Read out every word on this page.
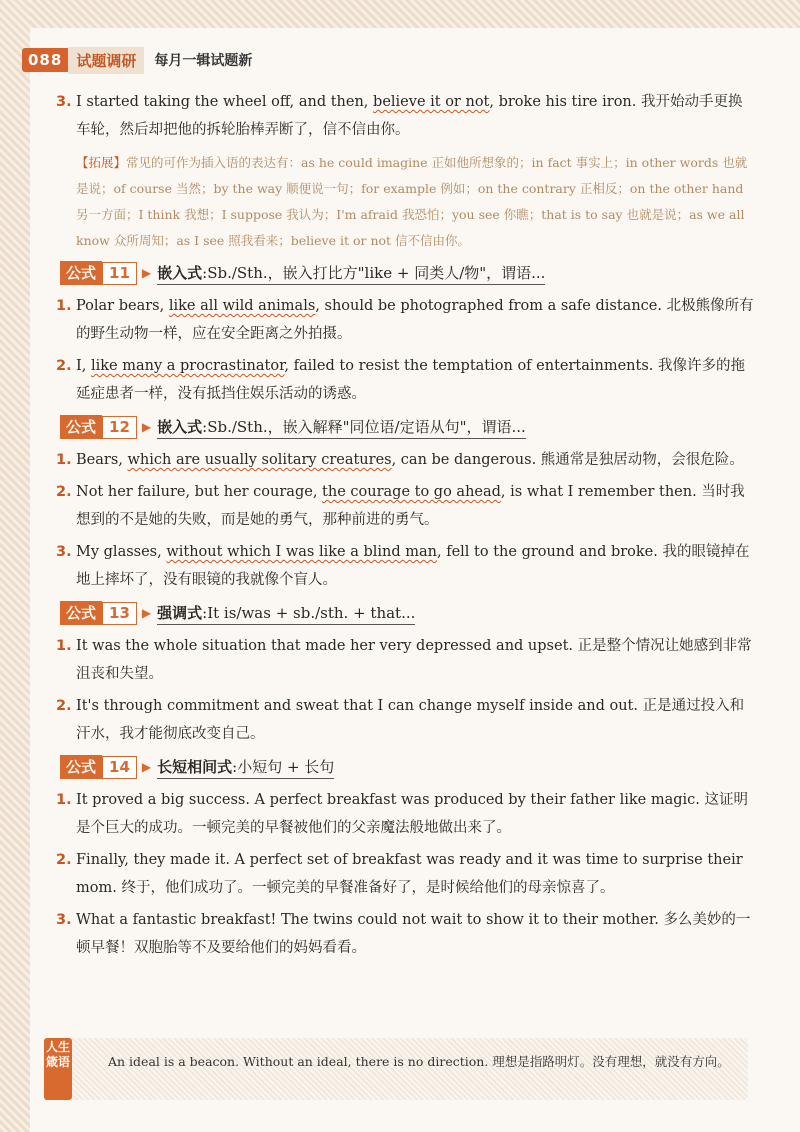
088 试题调研	每月一辑试题新
3. I started taking the wheel off, and then, believe it or not, broke his tire iron. 我开始动手更换车轮，然后却把他的拆轮胎棒弄断了，信不信由你。
【拓展】常见的可作为插入语的表达有：as he could imagine 正如他所想象的；in fact 事实上；in other words 也就是说；of course 当然；by the way 顺便说一句；for example 例如；on the contrary 正相反；on the other hand 另一方面；I think 我想；I suppose 我认为；I'm afraid 我恐怕；you see 你瞧；that is to say 也就是说；as we all know 众所周知；as I see 照我看来；believe it or not 信不信由你。
公式 11	▶ 嵌入式:Sb./Sth.，嵌入打比方"like + 同类人/物"，谓语...
1. Polar bears, like all wild animals, should be photographed from a safe distance. 北极熊像所有的野生动物一样，应在安全距离之外拍摄。
2. I, like many a procrastinator, failed to resist the temptation of entertainments. 我像许多的拖延症患者一样，没有抵挡住娱乐活动的诱惑。
公式 12	▶ 嵌入式:Sb./Sth.，嵌入解释"同位语/定语从句"，谓语...
1. Bears, which are usually solitary creatures, can be dangerous. 熊通常是独居动物，会很危险。
2. Not her failure, but her courage, the courage to go ahead, is what I remember then. 当时我想到的不是她的失败，而是她的勇气，那种前进的勇气。
3. My glasses, without which I was like a blind man, fell to the ground and broke. 我的眼镜掉在地上摔坏了，没有眼镜的我就像个盲人。
公式 13	▶ 强调式:It is/was + sb./sth. + that...
1. It was the whole situation that made her very depressed and upset. 正是整个情况让她感到非常沮丧和失望。
2. It's through commitment and sweat that I can change myself inside and out. 正是通过投入和汗水，我才能彻底改变自己。
公式 14	▶ 长短相间式:小短句 + 长句
1. It proved a big success. A perfect breakfast was produced by their father like magic. 这证明是个巨大的成功。一顿完美的早餐被他们的父亲魔法般地做出来了。
2. Finally, they made it. A perfect set of breakfast was ready and it was time to surprise their mom. 终于，他们成功了。一顿完美的早餐准备好了，是时候给他们的母亲惊喜了。
3. What a fantastic breakfast! The twins could not wait to show it to their mother. 多么美妙的一顿早餐！双胞胎等不及要给他们的妈妈看看。
人生箴语	An ideal is a beacon. Without an ideal, there is no direction. 理想是指路明灯。没有理想，就没有方向。
